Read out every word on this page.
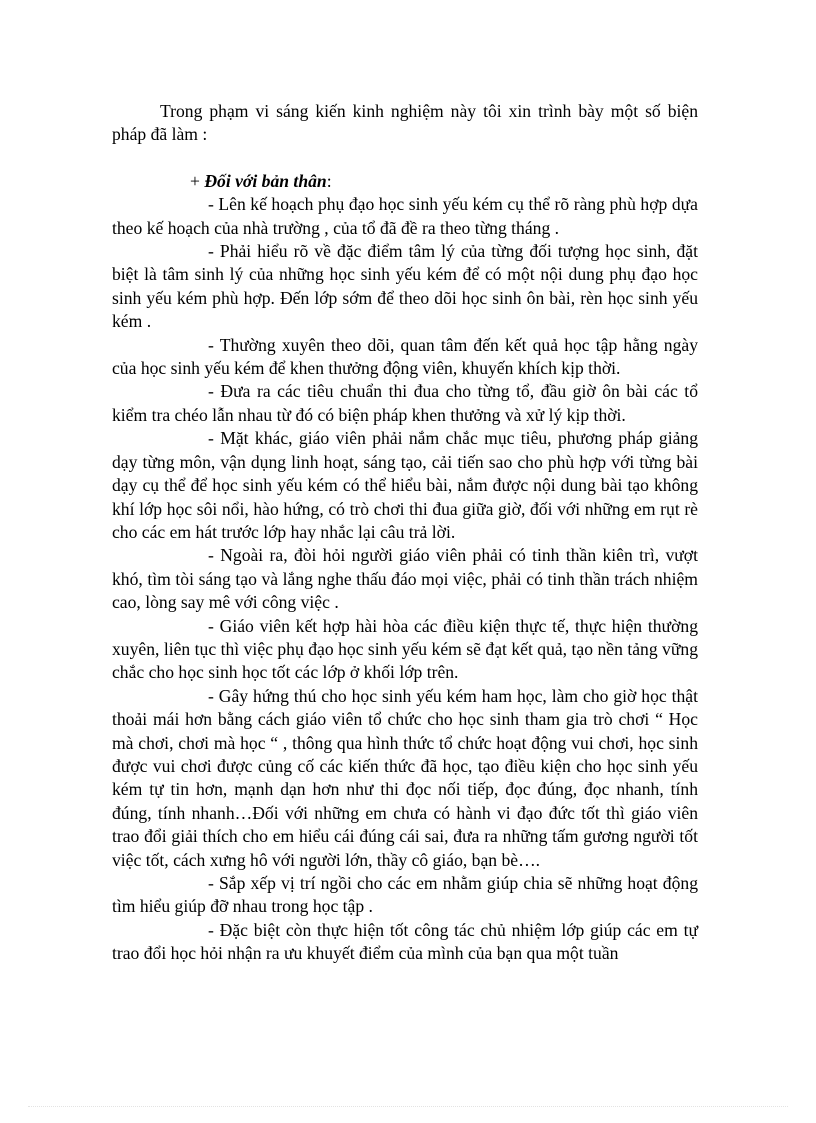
Trong phạm vi sáng kiến kinh nghiệm này tôi xin trình bày một số biện pháp đã làm :

+ Đối với bản thân:

- Lên kế hoạch phụ đạo học sinh yếu kém cụ thể rõ ràng phù hợp dựa theo kế hoạch của nhà trường , của tổ đã đề ra theo từng tháng .

- Phải hiểu rõ về đặc điểm tâm lý của từng đối tượng học sinh, đặt biệt là tâm sinh lý của những học sinh yếu kém để có một nội dung phụ đạo học sinh yếu kém phù hợp. Đến lớp sớm để theo dõi học sinh ôn bài, rèn học sinh yếu kém .

- Thường xuyên theo dõi, quan tâm đến kết quả học tập hằng ngày của học sinh yếu kém để khen thưởng động viên, khuyến khích kịp thời.

- Đưa ra các tiêu chuẩn thi đua cho từng tổ, đầu giờ ôn bài các tổ kiểm tra chéo lẫn nhau từ đó có biện pháp khen thưởng và xử lý kịp thời.

- Mặt khác, giáo viên phải nắm chắc mục tiêu, phương pháp giảng dạy từng môn, vận dụng linh hoạt, sáng tạo, cải tiến sao cho phù hợp với từng bài dạy cụ thể để học sinh yếu kém có thể hiểu bài, nắm được nội dung bài tạo không khí lớp học sôi nổi, hào hứng, có trò chơi thi đua giữa giờ, đối với những em rụt rè cho các em hát trước lớp hay nhắc lại câu trả lời.

- Ngoài ra, đòi hỏi người giáo viên phải có tinh thần kiên trì, vượt khó, tìm tòi sáng tạo và lắng nghe thấu đáo mọi việc, phải có tinh thần trách nhiệm cao, lòng say mê với công việc .

- Giáo viên kết hợp hài hòa các điều kiện thực tế, thực hiện thường xuyên, liên tục thì việc phụ đạo học sinh yếu kém sẽ đạt kết quả, tạo nền tảng vững chắc cho học sinh học tốt các lớp ở khối lớp trên.

- Gây hứng thú cho học sinh yếu kém ham học, làm cho giờ học thật thoải mái hơn bằng cách giáo viên tổ chức cho học sinh tham gia trò chơi “ Học mà chơi, chơi mà học “ , thông qua hình thức tổ chức hoạt động vui chơi, học sinh được vui chơi được củng cố các kiến thức đã học, tạo điều kiện cho học sinh yếu kém tự tin hơn, mạnh dạn hơn như thi đọc nối tiếp, đọc đúng, đọc nhanh, tính đúng, tính nhanh…Đối với những em chưa có hành vi đạo đức tốt thì giáo viên trao đổi giải thích cho em hiểu cái đúng cái sai, đưa ra những tấm gương người tốt việc tốt, cách xưng hô với người lớn, thầy cô giáo, bạn bè….

- Sắp xếp vị trí ngồi cho các em nhằm giúp chia sẽ những hoạt động tìm hiểu giúp đỡ nhau trong học tập .

- Đặc biệt còn thực hiện tốt công tác chủ nhiệm lớp giúp các em tự trao đổi học hỏi nhận ra ưu khuyết điểm của mình của bạn qua một tuần
